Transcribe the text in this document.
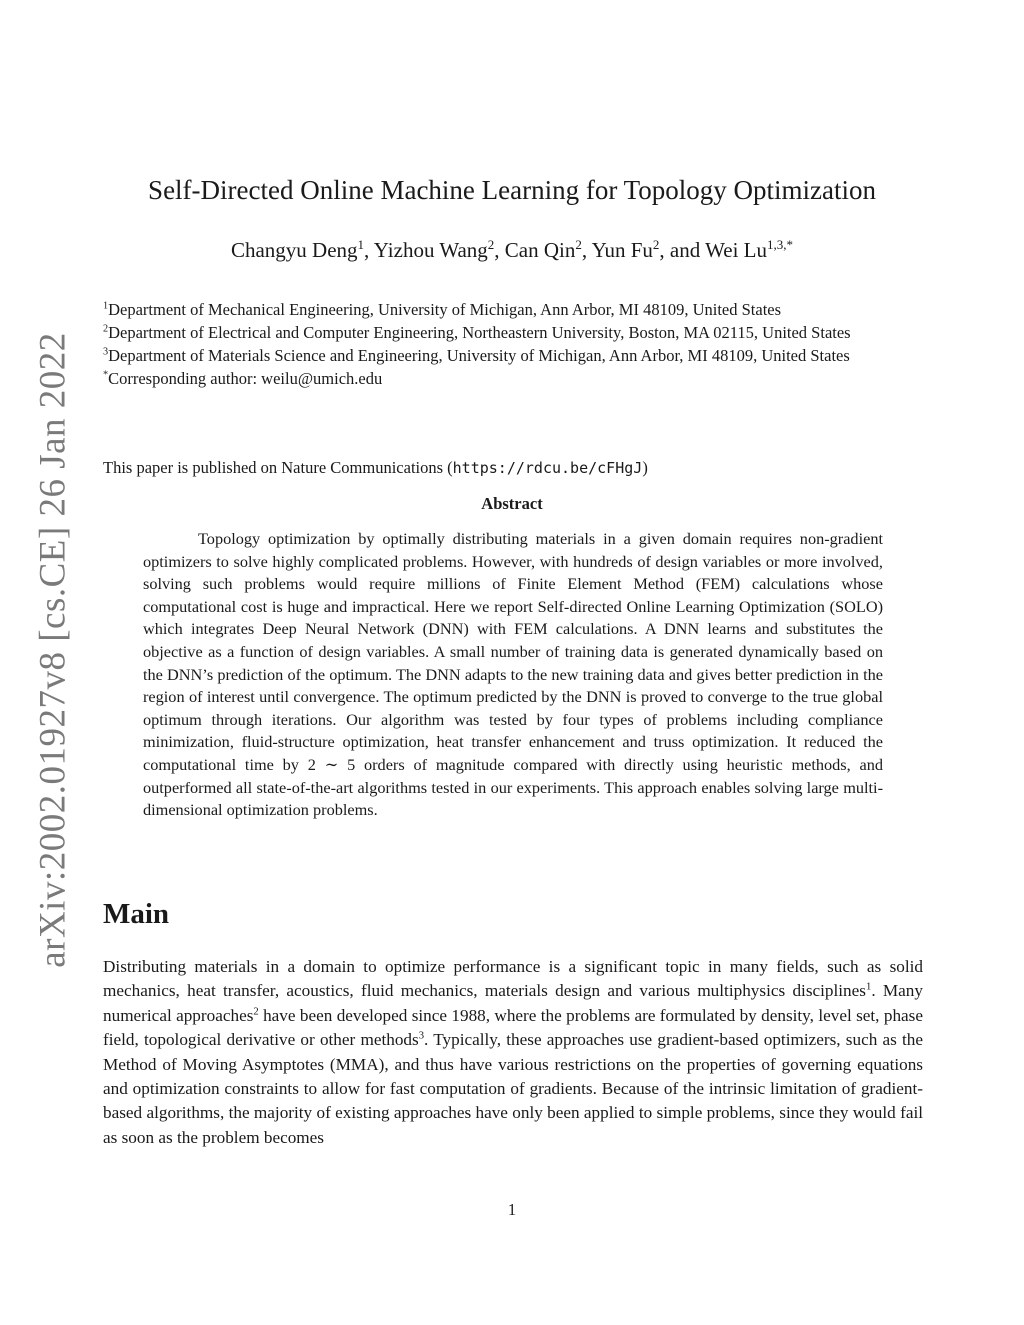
arXiv:2002.01927v8 [cs.CE] 26 Jan 2022
Self-Directed Online Machine Learning for Topology Optimization
Changyu Deng$^1$, Yizhou Wang$^2$, Can Qin$^2$, Yun Fu$^2$, and Wei $Lu^{1,3,*}$

$^1$Department of Mechanical Engineering, University of Michigan, Ann Arbor, MI 48109, United States

$^2$Department of Electrical and Computer Engineering, Northeastern University, Boston, MA 02115, United States

$^3$Department of Materials Science and Engineering, University of Michigan, Ann Arbor, MI 48109, United States

*Corresponding author: weilu@umich.edu

This paper is published on Nature Communications (https://rdcu.be/cFHgJ)
Abstract

Topology optimization by optimally distributing materials in a given domain requires non-gradient optimizers to solve highly complicated problems. However, with hundreds of design variables or more involved, solving such problems would require millions of Finite Element Method (FEM) calculations whose computational cost is huge and impractical. Here we report Self-directed Online Learning Optimization (SOLO) which integrates Deep Neural Network (DNN) with FEM calculations. A DNN learns and substitutes the objective as a function of design variables. A small number of training data is generated dynamically based on the DNN’s prediction of the optimum. The DNN adapts to the new training data and gives better prediction in the region of interest until convergence. The optimum predicted by the DNN is proved to converge to the true global optimum through iterations. Our algorithm was tested by four types of problems including compliance minimization, fluid-structure optimization, heat transfer enhancement and truss optimization. It reduced the computational time by 2 ∼ 5 orders of magnitude compared with directly using heuristic methods, and outperformed all state-of-the-art algorithms tested in our experiments. This approach enables solving large multi-dimensional optimization problems.

Main

Distributing materials in a domain to optimize performance is a significant topic in many fields, such as solid mechanics, heat transfer, acoustics, fluid mechanics, materials design and various multiphysics disciplines$^1$. Many numerical approaches$^2$ have been developed since 1988, where the problems are formulated by density, level set, phase field, topological derivative or other methods$^3$. Typically, these approaches use gradient-based optimizers, such as the Method of Moving Asymptotes (MMA), and thus have various restrictions on the properties of governing equations and optimization constraints to allow for fast computation of gradients. Because of the intrinsic limitation of gradient-based algorithms, the majority of existing approaches have only been applied to simple problems, since they would fail as soon as the problem becomes

1
